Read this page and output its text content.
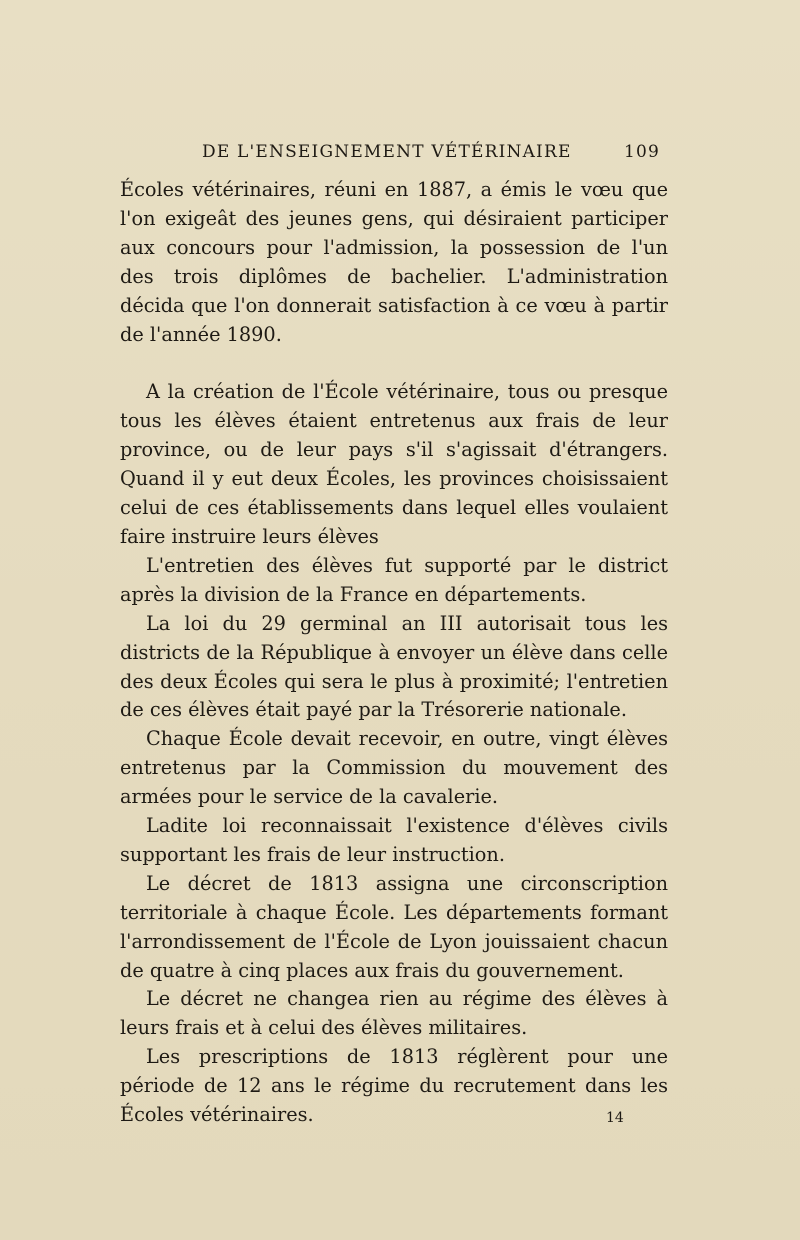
DE L'ENSEIGNEMENT VÉTÉRINAIRE	109

Écoles vétérinaires, réuni en 1887, a émis le vœu que l'on exigeât des jeunes gens, qui désiraient participer aux concours pour l'admission, la possession de l'un des trois diplômes de bachelier. L'administration décida que l'on donnerait satisfaction à ce vœu à partir de l'année 1890.

A la création de l'École vétérinaire, tous ou presque tous les élèves étaient entretenus aux frais de leur province, ou de leur pays s'il s'agissait d'étrangers. Quand il y eut deux Écoles, les provinces choisissaient celui de ces établissements dans lequel elles voulaient faire instruire leurs élèves

L'entretien des élèves fut supporté par le district après la division de la France en départements.

La loi du 29 germinal an III autorisait tous les districts de la République à envoyer un élève dans celle des deux Écoles qui sera le plus à proximité; l'entretien de ces élèves était payé par la Trésorerie nationale.

Chaque École devait recevoir, en outre, vingt élèves entretenus par la Commission du mouvement des armées pour le service de la cavalerie.

Ladite loi reconnaissait l'existence d'élèves civils supportant les frais de leur instruction.

Le décret de 1813 assigna une circonscription territoriale à chaque École. Les départements formant l'arrondissement de l'École de Lyon jouissaient chacun de quatre à cinq places aux frais du gouvernement.

Le décret ne changea rien au régime des élèves à leurs frais et à celui des élèves militaires.

Les prescriptions de 1813 réglèrent pour une période de 12 ans le régime du recrutement dans les Écoles vétérinaires.	14
